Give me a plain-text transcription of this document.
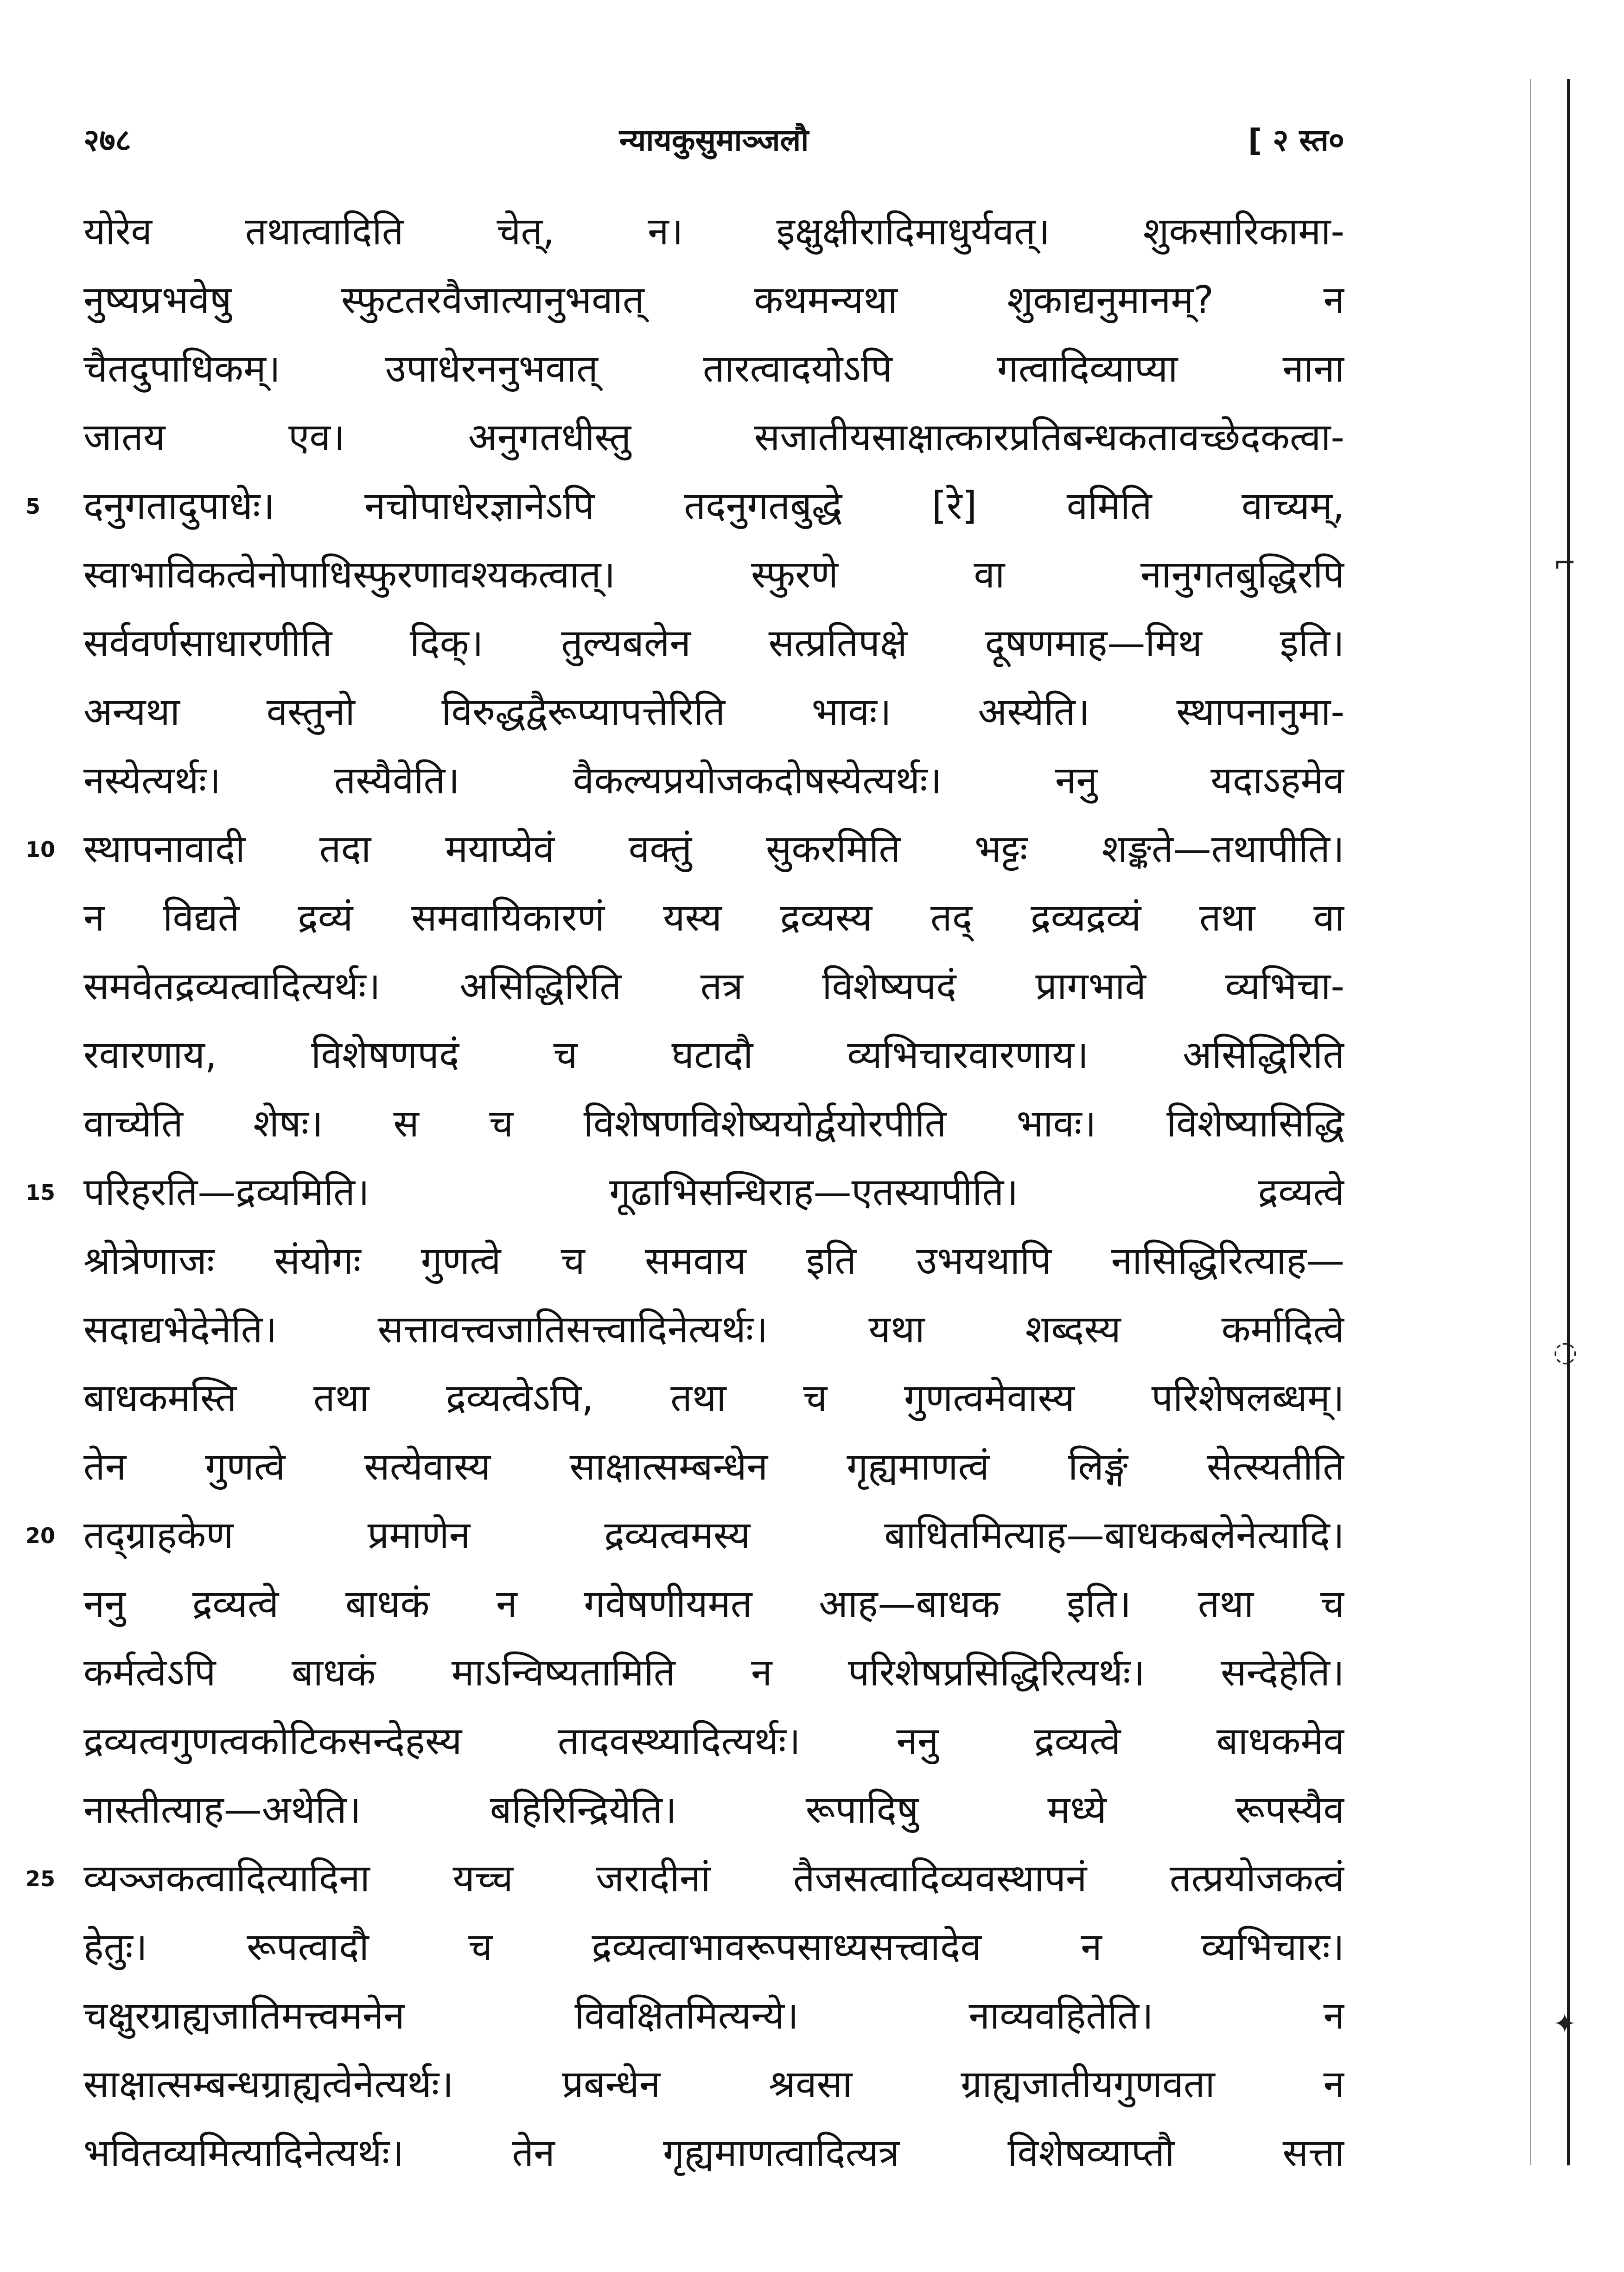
२७८	न्यायकुसुमाञ्जलौ	[ २ स्त०
योरेव तथात्वादिति चेत्, न। इक्षुक्षीरादिमाधुर्यवत्। शुकसारिकामा-
नुष्यप्रभवेषु स्फुटतरवैजात्यानुभवात् कथमन्यथा शुकाद्यनुमानम्? न
चैतदुपाधिकम्। उपाधेरननुभवात् तारत्वादयोऽपि गत्वादिव्याप्या नाना
जातय एव। अनुगतधीस्तु सजातीयसाक्षात्कारप्रतिबन्धकतावच्छेदकत्वा-
5	दनुगतादुपाधेः। नचोपाधेरज्ञानेऽपि तदनुगतबुद्धे [रे] वमिति वाच्यम्,
स्वाभाविकत्वेनोपाधिस्फुरणावश्यकत्वात्। स्फुरणे वा नानुगतबुद्धिरपि
सर्ववर्णसाधारणीति दिक्। तुल्यबलेन सत्प्रतिपक्षे दूषणमाह—मिथ इति।
अन्यथा वस्तुनो विरुद्धद्वैरूप्यापत्तेरिति भावः। अस्येति। स्थापनानुमा-
नस्येत्यर्थः। तस्यैवेति। वैकल्यप्रयोजकदोषस्येत्यर्थः। ननु यदाऽहमेव
10 स्थापनावादी तदा मयाप्येवं वक्तुं सुकरमिति भट्टः शङ्कते—तथापीति।
न विद्यते द्रव्यं समवायिकारणं यस्य द्रव्यस्य तद् द्रव्यद्रव्यं तथा वा
समवेतद्रव्यत्वादित्यर्थः। असिद्धिरिति तत्र विशेष्यपदं प्रागभावे व्यभिचा-
रवारणाय, विशेषणपदं च घटादौ व्यभिचारवारणाय। असिद्धिरिति
वाच्येति शेषः। स च विशेषणविशेष्ययोर्द्वयोरपीति भावः। विशेष्यासिद्धि
15 परिहरति—द्रव्यमिति। गूढाभिसन्धिराह—एतस्यापीति। द्रव्यत्वे
श्रोत्रेणाजः संयोगः गुणत्वे च समवाय इति उभयथापि नासिद्धिरित्याह—
सदाद्यभेदेनेति। सत्तावत्त्वजातिसत्त्वादिनेत्यर्थः। यथा शब्दस्य कर्मादित्वे
बाधकमस्ति तथा द्रव्यत्वेऽपि, तथा च गुणत्वमेवास्य परिशेषलब्धम्।
तेन गुणत्वे सत्येवास्य साक्षात्सम्बन्धेन गृह्यमाणत्वं लिङ्गं सेत्स्यतीति
20 तद्ग्राहकेण प्रमाणेन द्रव्यत्वमस्य बाधितमित्याह—बाधकबलेनेत्यादि।
ननु द्रव्यत्वे बाधकं न गवेषणीयमत आह—बाधक इति। तथा च
कर्मत्वेऽपि बाधकं माऽन्विष्यतामिति न परिशेषप्रसिद्धिरित्यर्थः। सन्देहेति।
द्रव्यत्वगुणत्वकोटिकसन्देहस्य तादवस्थ्यादित्यर्थः। ननु द्रव्यत्वे बाधकमेव
नास्तीत्याह—अथेति। बहिरिन्द्रियेति। रूपादिषु मध्ये रूपस्यैव
25 व्यञ्जकत्वादित्यादिना यच्च जरादीनां तैजसत्वादिव्यवस्थापनं तत्प्रयोजकत्वं
हेतुः। रूपत्वादौ च द्रव्यत्वाभावरूपसाध्यसत्त्वादेव न व्यभिचारः।
चक्षुरग्राह्यजातिमत्त्वमनेन विवक्षितमित्यन्ये। नाव्यवहितेति। न
साक्षात्सम्बन्धग्राह्यत्वेनेत्यर्थः। प्रबन्धेन श्रवसा ग्राह्यजातीयगुणवता न
भवितव्यमित्यादिनेत्यर्थः। तेन गृह्यमाणत्वादित्यत्र विशेषव्याप्तौ सत्ता
⌐
◌
✦
